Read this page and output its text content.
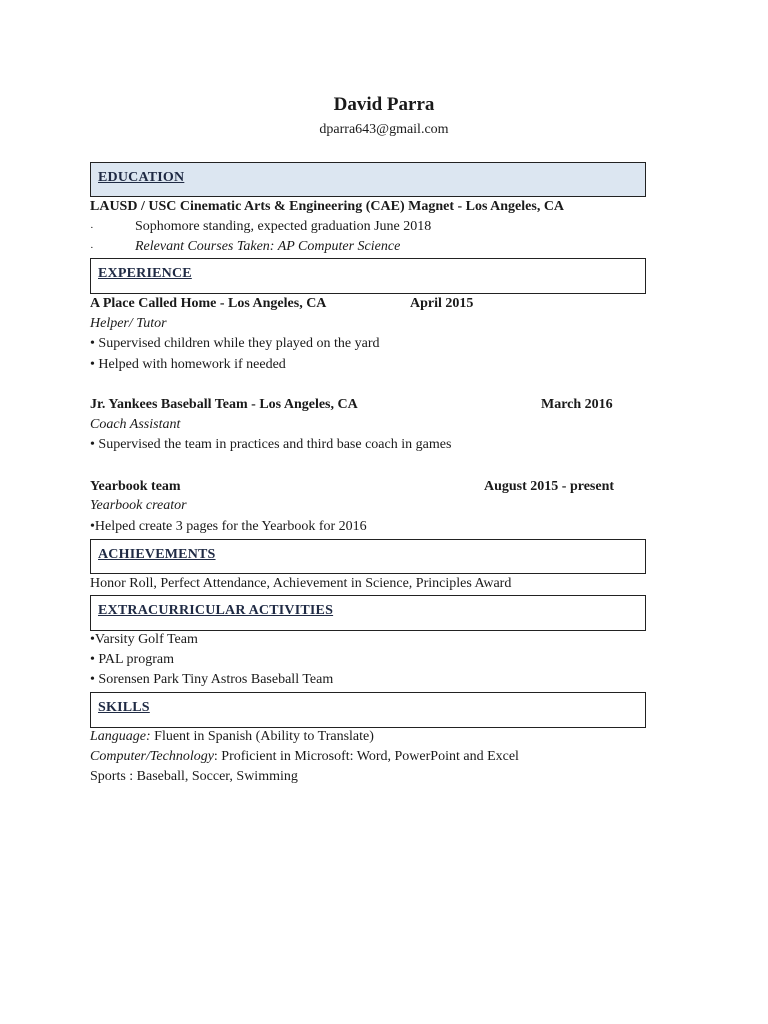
David Parra
dparra643@gmail.com
EDUCATION
LAUSD / USC Cinematic Arts & Engineering (CAE) Magnet - Los Angeles, CA
·	Sophomore standing, expected graduation June 2018
·	Relevant Courses Taken: AP Computer Science
EXPERIENCE
A Place Called Home - Los Angeles, CA	April 2015
Helper/ Tutor
• Supervised children while they played on the yard
• Helped with homework if needed
Jr. Yankees Baseball Team - Los Angeles, CA	March 2016
Coach Assistant
• Supervised the team in practices and third base coach in games
Yearbook team	August 2015 - present
Yearbook creator
•Helped create 3 pages for the Yearbook for 2016
ACHIEVEMENTS
Honor Roll, Perfect Attendance, Achievement in Science, Principles Award
EXTRACURRICULAR ACTIVITIES
•Varsity Golf Team
• PAL program
• Sorensen Park Tiny Astros Baseball Team
SKILLS
Language: Fluent in Spanish (Ability to Translate)
Computer/Technology: Proficient in Microsoft: Word, PowerPoint and Excel
Sports : Baseball, Soccer, Swimming
